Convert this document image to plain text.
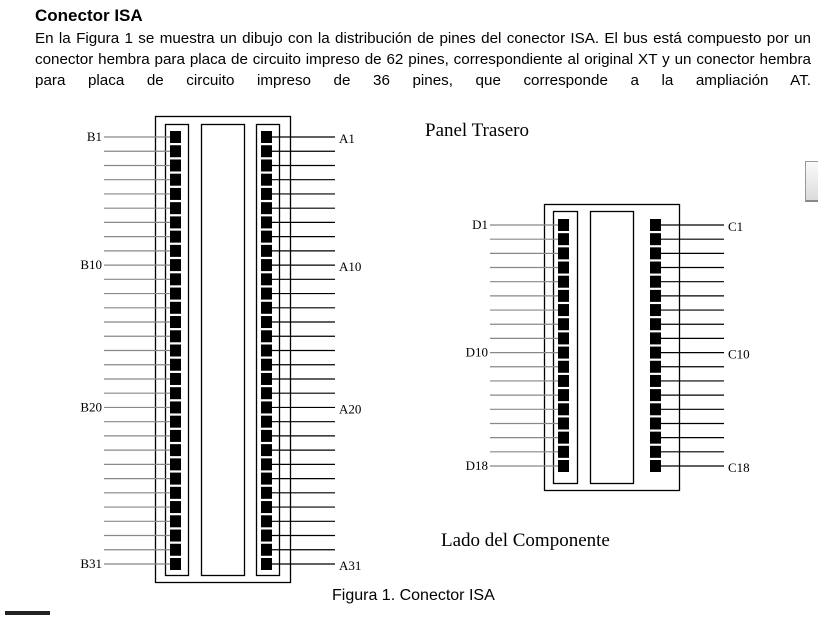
Conector ISA
En la Figura 1 se muestra un dibujo con la distribución de pines del conector ISA. El bus está compuesto por un conector hembra para placa de circuito impreso de 62 pines, correspondiente al original XT y un conector hembra para placa de circuito impreso de 36 pines, que corresponde a la ampliación AT.
Panel Trasero
Lado del Componente
B1
B10
B20
B31
A1
A10
A20
A31
D1
D10
D18
C1
C10
C18
Figura 1. Conector ISA
